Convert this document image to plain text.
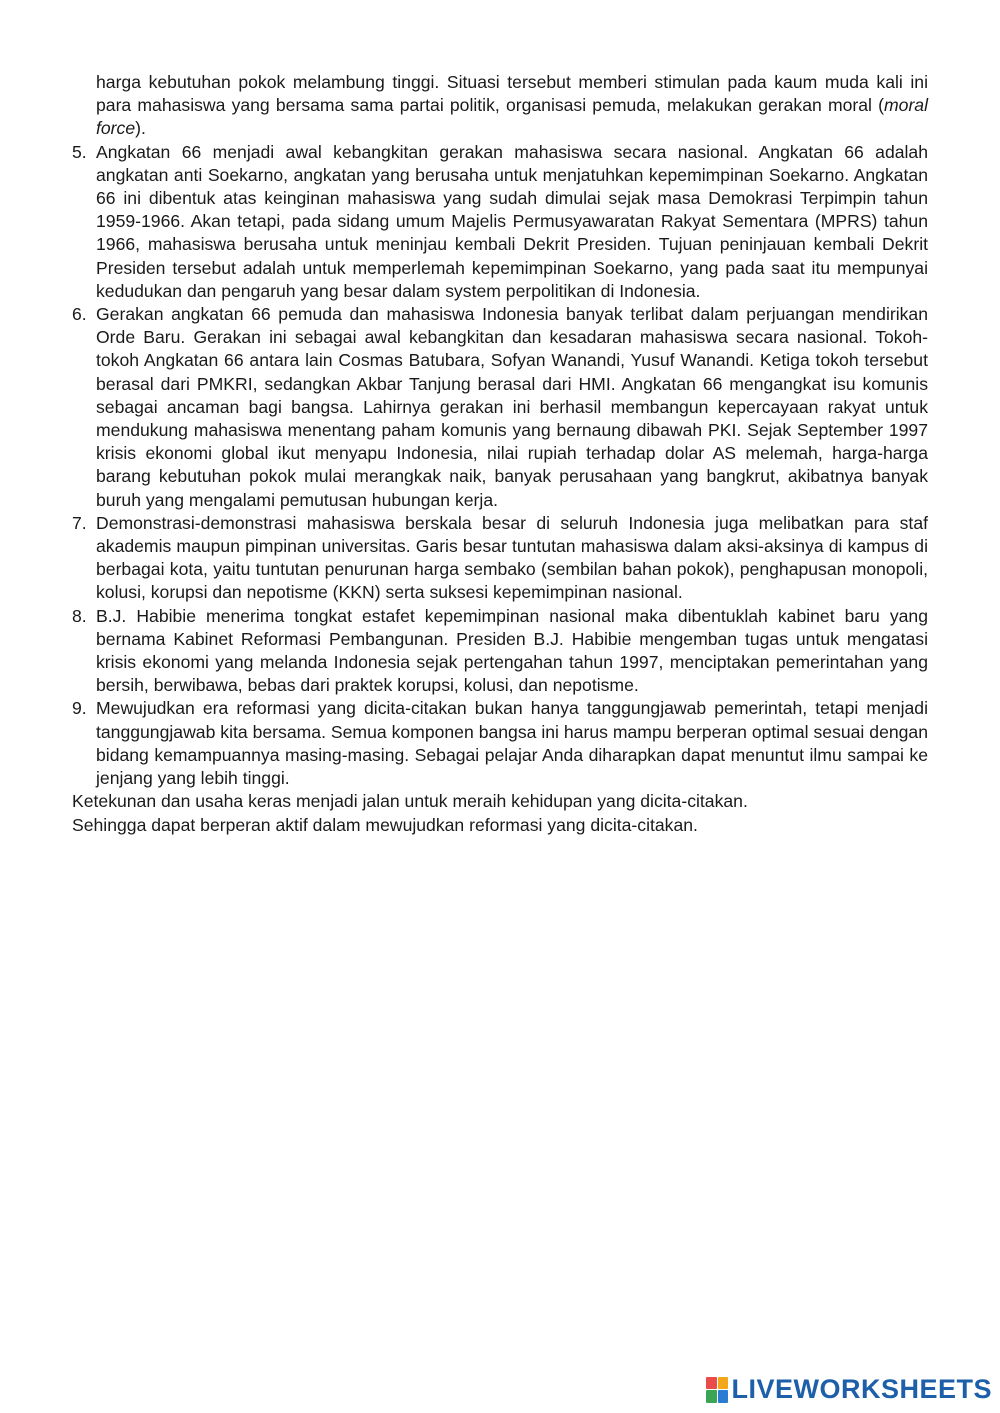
harga kebutuhan pokok melambung tinggi. Situasi tersebut memberi stimulan pada kaum muda kali ini para mahasiswa yang bersama sama partai politik, organisasi pemuda, melakukan gerakan moral (moral force).

5. Angkatan 66 menjadi awal kebangkitan gerakan mahasiswa secara nasional. Angkatan 66 adalah angkatan anti Soekarno, angkatan yang berusaha untuk menjatuhkan kepemimpinan Soekarno. Angkatan 66 ini dibentuk atas keinginan mahasiswa yang sudah dimulai sejak masa Demokrasi Terpimpin tahun 1959-1966. Akan tetapi, pada sidang umum Majelis Permusyawaratan Rakyat Sementara (MPRS) tahun 1966, mahasiswa berusaha untuk meninjau kembali Dekrit Presiden. Tujuan peninjauan kembali Dekrit Presiden tersebut adalah untuk memperlemah kepemimpinan Soekarno, yang pada saat itu mempunyai kedudukan dan pengaruh yang besar dalam system perpolitikan di Indonesia.
6. Gerakan angkatan 66 pemuda dan mahasiswa Indonesia banyak terlibat dalam perjuangan mendirikan Orde Baru. Gerakan ini sebagai awal kebangkitan dan kesadaran mahasiswa secara nasional. Tokoh-tokoh Angkatan 66 antara lain Cosmas Batubara, Sofyan Wanandi, Yusuf Wanandi. Ketiga tokoh tersebut berasal dari PMKRI, sedangkan Akbar Tanjung berasal dari HMI. Angkatan 66 mengangkat isu komunis sebagai ancaman bagi bangsa. Lahirnya gerakan ini berhasil membangun kepercayaan rakyat untuk mendukung mahasiswa menentang paham komunis yang bernaung dibawah PKI. Sejak September 1997 krisis ekonomi global ikut menyapu Indonesia, nilai rupiah terhadap dolar AS melemah, harga-harga barang kebutuhan pokok mulai merangkak naik, banyak perusahaan yang bangkrut, akibatnya banyak buruh yang mengalami pemutusan hubungan kerja.
7. Demonstrasi-demonstrasi mahasiswa berskala besar di seluruh Indonesia juga melibatkan para staf akademis maupun pimpinan universitas. Garis besar tuntutan mahasiswa dalam aksi-aksinya di kampus di berbagai kota, yaitu tuntutan penurunan harga sembako (sembilan bahan pokok), penghapusan monopoli, kolusi, korupsi dan nepotisme (KKN) serta suksesi kepemimpinan nasional.
8. B.J. Habibie menerima tongkat estafet kepemimpinan nasional maka dibentuklah kabinet baru yang bernama Kabinet Reformasi Pembangunan. Presiden B.J. Habibie mengemban tugas untuk mengatasi krisis ekonomi yang melanda Indonesia sejak pertengahan tahun 1997, menciptakan pemerintahan yang bersih, berwibawa, bebas dari praktek korupsi, kolusi, dan nepotisme.
9. Mewujudkan era reformasi yang dicita-citakan bukan hanya tanggungjawab pemerintah, tetapi menjadi tanggungjawab kita bersama. Semua komponen bangsa ini harus mampu berperan optimal sesuai dengan bidang kemampuannya masing-masing. Sebagai pelajar Anda diharapkan dapat menuntut ilmu sampai ke jenjang yang lebih tinggi.

Ketekunan dan usaha keras menjadi jalan untuk meraih kehidupan yang dicita-citakan.

Sehingga dapat berperan aktif dalam mewujudkan reformasi yang dicita-citakan.

LIVEWORKSHEETS
